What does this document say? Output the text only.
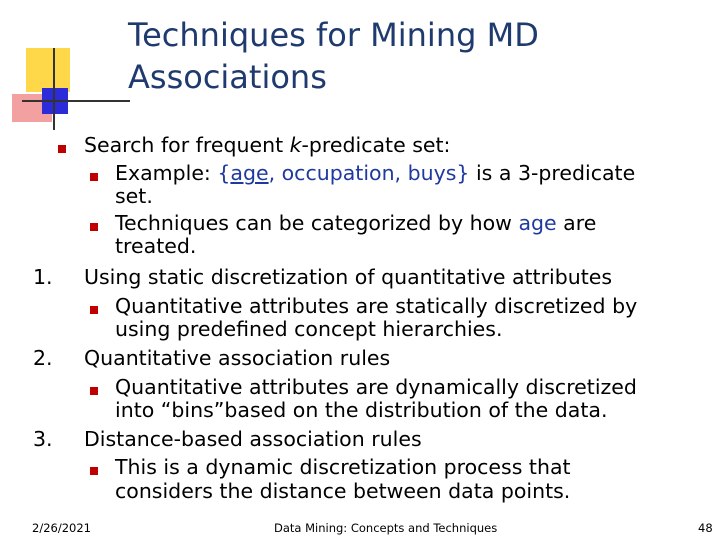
Techniques for Mining MD
Associations
Search for frequent k-predicate set:
Example: {age, occupation, buys} is a 3-predicate
set.
Techniques can be categorized by how age are
treated.
1. Using static discretization of quantitative attributes
Quantitative attributes are statically discretized by
using predefined concept hierarchies.
2. Quantitative association rules
Quantitative attributes are dynamically discretized
into “bins”based on the distribution of the data.
3. Distance-based association rules
This is a dynamic discretization process that
considers the distance between data points.
2/26/2021	Data Mining: Concepts and Techniques	48
